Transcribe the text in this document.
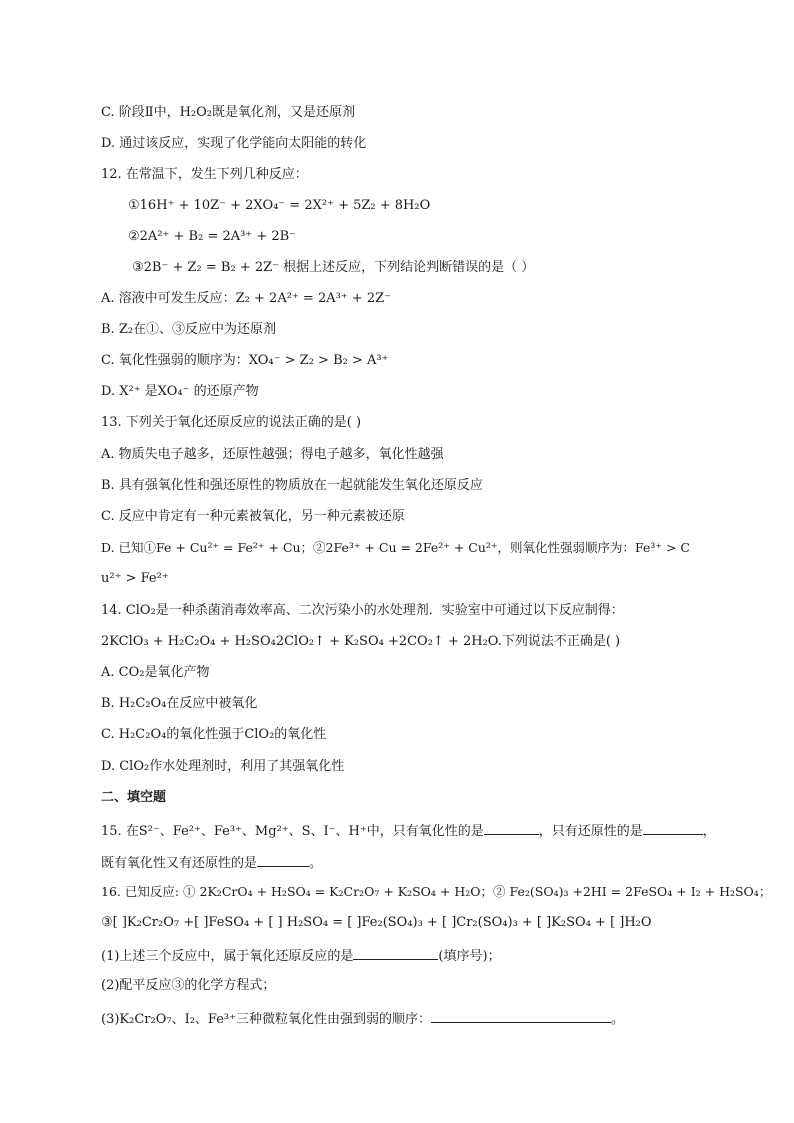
C. 阶段Ⅱ中，H₂O₂既是氧化剂，又是还原剂
D. 通过该反应，实现了化学能向太阳能的转化
12. 在常温下，发生下列几种反应：
①16H⁺ + 10Z⁻ + 2XO₄⁻ = 2X²⁺ + 5Z₂ + 8H₂O
②2A²⁺ + B₂ = 2A³⁺ + 2B⁻
③2B⁻ + Z₂ = B₂ + 2Z⁻ 根据上述反应，下列结论判断错误的是（ ）
A. 溶液中可发生反应：Z₂ + 2A²⁺ = 2A³⁺ + 2Z⁻
B. Z₂在①、③反应中为还原剂
C. 氧化性强弱的顺序为：XO₄⁻ > Z₂ > B₂ > A³⁺
D. X²⁺ 是XO₄⁻ 的还原产物
13. 下列关于氧化还原反应的说法正确的是( )
A. 物质失电子越多，还原性越强；得电子越多，氧化性越强
B. 具有强氧化性和强还原性的物质放在一起就能发生氧化还原反应
C. 反应中肯定有一种元素被氧化，另一种元素被还原
D. 已知①Fe + Cu²⁺ = Fe²⁺ + Cu；②2Fe³⁺ + Cu = 2Fe²⁺ + Cu²⁺，则氧化性强弱顺序为：Fe³⁺ > C
u²⁺ > Fe²⁺
14. ClO₂是一种杀菌消毒效率高、二次污染小的水处理剂．实验室中可通过以下反应制得：
2KClO₃ + H₂C₂O₄ + H₂SO₄2ClO₂↑ + K₂SO₄ +2CO₂↑ + 2H₂O.下列说法不正确是( )
A. CO₂是氧化产物
B. H₂C₂O₄在反应中被氧化
C. H₂C₂O₄的氧化性强于ClO₂的氧化性
D. ClO₂作水处理剂时，利用了其强氧化性
二、填空题
15. 在S²⁻、Fe²⁺、Fe³⁺、Mg²⁺、S、I⁻、H⁺中，只有氧化性的是	，只有还原性的是	，
既有氧化性又有还原性的是	。
16. 已知反应: ① 2K₂CrO₄ + H₂SO₄ = K₂Cr₂O₇ + K₂SO₄ + H₂O；② Fe₂(SO₄)₃ +2HI = 2FeSO₄ + I₂ + H₂SO₄；
③[ ]K₂Cr₂O₇ +[ ]FeSO₄ + [ ] H₂SO₄ = [ ]Fe₂(SO₄)₃ + [ ]Cr₂(SO₄)₃ + [ ]K₂SO₄ + [ ]H₂O
(1)上述三个反应中，属于氧化还原反应的是	(填序号)；
(2)配平反应③的化学方程式；
(3)K₂Cr₂O₇、I₂、Fe³⁺三种微粒氧化性由强到弱的顺序：	。
